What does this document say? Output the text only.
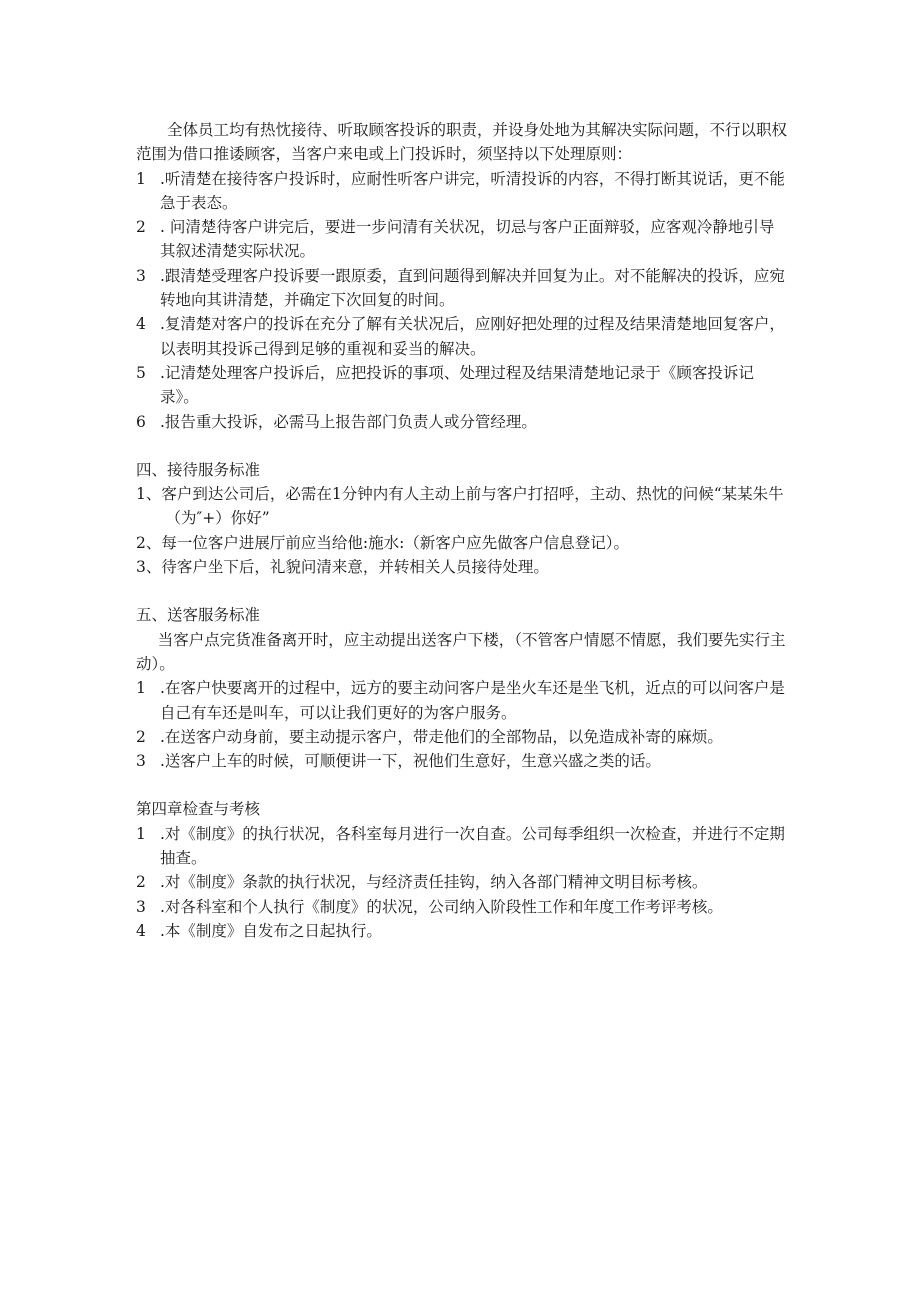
全体员工均有热忱接待、听取顾客投诉的职责，并设身处地为其解决实际问题，不行以职权范围为借口推诿顾客，当客户来电或上门投诉时，须坚持以下处理原则：

1 .听清楚在接待客户投诉时，应耐性听客户讲完，听清投诉的内容，不得打断其说话，更不能急于表态。
2 . 问清楚待客户讲完后，要进一步问清有关状况，切忌与客户正面辩驳，应客观冷静地引导其叙述清楚实际状况。
3 .跟清楚受理客户投诉要一跟原委，直到问题得到解决并回复为止。对不能解决的投诉，应宛转地向其讲清楚，并确定下次回复的时间。
4 .复清楚对客户的投诉在充分了解有关状况后，应刚好把处理的过程及结果清楚地回复客户，以表明其投诉己得到足够的重视和妥当的解决。
5 .记清楚处理客户投诉后，应把投诉的事项、处理过程及结果清楚地记录于《顾客投诉记录》。
6 .报告重大投诉，必需马上报告部门负责人或分管经理。

四、接待服务标准

1、客户到达公司后，必需在1分钟内有人主动上前与客户打招呼，主动、热忱的问候“某某朱牛（为″+）你好”

2、每一位客户进展厅前应当给他:施水:（新客户应先做客户信息登记）。

3、待客户坐下后，礼貌问清来意，并转相关人员接待处理。

五、送客服务标准

当客户点完货准备离开时，应主动提出送客户下楼，（不管客户情愿不情愿，我们要先实行主动）。

1 .在客户快要离开的过程中，远方的要主动问客户是坐火车还是坐飞机，近点的可以问客户是自己有车还是叫车，可以让我们更好的为客户服务。
2 .在送客户动身前，要主动提示客户，带走他们的全部物品，以免造成补寄的麻烦。
3 .送客户上车的时候，可顺便讲一下，祝他们生意好，生意兴盛之类的话。

第四章检查与考核

1 .对《制度》的执行状况，各科室每月进行一次自查。公司每季组织一次检查，并进行不定期抽查。
2 .对《制度》条款的执行状况，与经济责任挂钩，纳入各部门精神文明目标考核。
3 .对各科室和个人执行《制度》的状况，公司纳入阶段性工作和年度工作考评考核。
4 .本《制度》自发布之日起执行。
